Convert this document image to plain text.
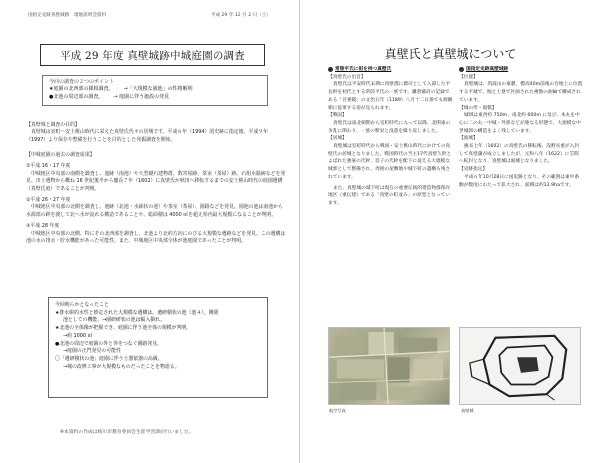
国指定史跡真壁城跡　現地説明会資料	平成 29 年 12 月 2 日（土）
平成 29 年度 真壁城跡中城庭園の調査
今回の調査の２つのポイント
★庭園の北西部の様相調査。 →「大規模な園池」の性格解明
●北池の周辺部の調査。 → 庭園に伴う施設の発見
【真壁城と調査の目的】
真壁城は室町～安土桃山時代に栄えた真壁氏代々の居城です。平成６年（1994）国史跡に指定後、平成９年（1997）より保存や整備を行うことを目的とした発掘調査を開始。
【中城庭園の過去の調査成果】
①平成 16・17 年度
中城地区中央部の南側を調査し、池跡（南池）や大型礎石建物群、数寄屋跡、茶室（茶屋）跡、石組水路跡などを発見。出土遺物から概ね 16 世紀後半から慶長７年（1602）に真壁氏が秋田へ移転するまでの安土桃山時代の庭園遺構（真壁氏庭）であることが判明。
②平成 26・27 年度
中城地区中央部の北側を調査し、池跡（北池・水鉢状の池）や茶室（茶屋）、園路などを発見。園池の池は南池から水源部の跨を渡して北へ水が流れる構造であることや、総面積は 4000 ㎡を超え県内最大規模になることが判明。
③平成 28 年度
中城地区中央部の北側、特にその北西部を調査し、北池より北約方向にのびる大規模な遺跡などを発見。この遺構は池の水の排水・貯水機能があった可能性。また、中城地区中央部全体が池庭園であったことが判明。
今回明らかとなったこと
★排水庫的水性と推定された大規模な遺構は、遺研積状の池（池４）。開閉
池としての機能。→園研研状の池は幅入掛れ。
★北池の全体像が把握でき、庭園に伴う池全体の規模が判明。
→約 1000 ㎡
●北池の周辺で庭園の外と外をつなぐ園路発見。
→庭園の正門発見の可能性
〇「遺研積状の池」庭園に伴う土器依器の高級。
→城の改修工事が大規模なものだったことを物語る。
※本資料の作成は桜川市教育委員会生涯学習課が行いました。
真壁氏と真壁城について
常陸平氏に祖を持つ真壁氏
【真壁氏の出自】
真壁氏は平安時代末期に真壁郡に郡司として入部した平長幹を初代とする常陸平氏の一族です。鎌倉幕府の記録である「吾妻鏡」の文治五年（1189）八月十二日条でも源頼朝に従軍する姿が見られます。
【戦国】
真壁氏は南北朝期から室町時代に入って以降、北関東の争乱に関わり、一族の繁栄と没落を繰り返しました。
【居城】
真壁城は室町時代から戦国・安土桃山時代にかけての真壁氏の居城となりました。戦国時代の当主17代真壁久幹とよばれた強豪の氏幹、息子の氏幹を配下に従える大規模な城郭として整備され、周囲の屋敷地や城下町の遺構も残されています。
また、真壁城の城下町は現在の重要伝統的建造物群保存地区（重伝建）である「真壁の町並み」の原型となっています。
国指定史跡真壁城跡
【位置】
真壁城は、筑波山の東麓、標高40m前後の台地上に位置する平城で、堀と土塁で区画された複数の曲輪で構成されています。
【城の形・規模】
城域は東西約 750m、南北約 600m に及び、本丸を中心に二の丸・中城・外郭などが連なる形態で、大規模な中世城郭の構造をよく残しています。
【廃城】
慶長七年（1602）の真壁氏の移転後、浅野長重が入封して真壁藩が成立しましたが、元和八年（1622）に笠間へ転封となり、真壁城は廃城となりました。
【史跡指定】
平成６年10月28日に国史跡となり、その範囲は東中条駒が数度にわたって拡大され、面積は約12.9haです。
航空写真	真壁城
